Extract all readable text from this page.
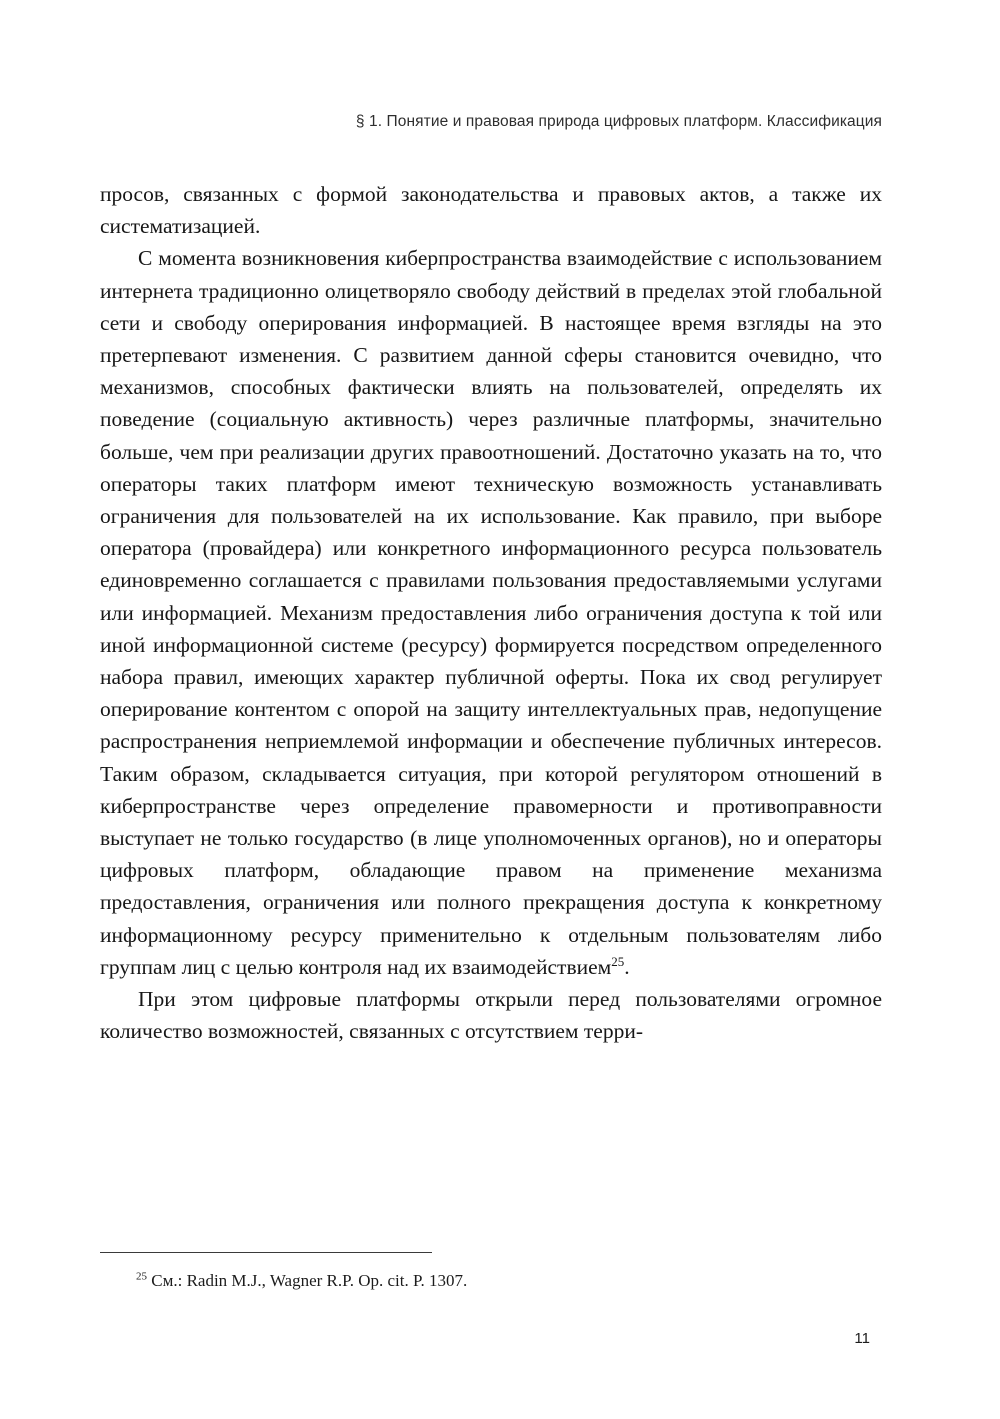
§ 1. Понятие и правовая природа цифровых платформ. Классификация

просов, связанных с формой законодательства и правовых актов, а также их систематизацией.

С момента возникновения киберпространства взаимодействие с использованием интернета традиционно олицетворяло свободу действий в пределах этой глобальной сети и свободу оперирования информацией. В настоящее время взгляды на это претерпевают изменения. С развитием данной сферы становится очевидно, что механизмов, способных фактически влиять на пользователей, определять их поведение (социальную активность) через различные платформы, значительно больше, чем при реализации других правоотношений. Достаточно указать на то, что операторы таких платформ имеют техническую возможность устанавливать ограничения для пользователей на их использование. Как правило, при выборе оператора (провайдера) или конкретного информационного ресурса пользователь единовременно соглашается с правилами пользования предоставляемыми услугами или информацией. Механизм предоставления либо ограничения доступа к той или иной информационной системе (ресурсу) формируется посредством определенного набора правил, имеющих характер публичной оферты. Пока их свод регулирует оперирование контентом с опорой на защиту интеллектуальных прав, недопущение распространения неприемлемой информации и обеспечение публичных интересов. Таким образом, складывается ситуация, при которой регулятором отношений в киберпространстве через определение правомерности и противоправности выступает не только государство (в лице уполномоченных органов), но и операторы цифровых платформ, обладающие правом на применение механизма предоставления, ограничения или полного прекращения доступа к конкретному информационному ресурсу применительно к отдельным пользователям либо группам лиц с целью контроля над их взаимодействием$^{25}$.

При этом цифровые платформы открыли перед пользователями огромное количество возможностей, связанных с отсутствием терри-

$^{25}$ См.: Radin M.J., Wagner R.P. Op. cit. P. 1307.

11
